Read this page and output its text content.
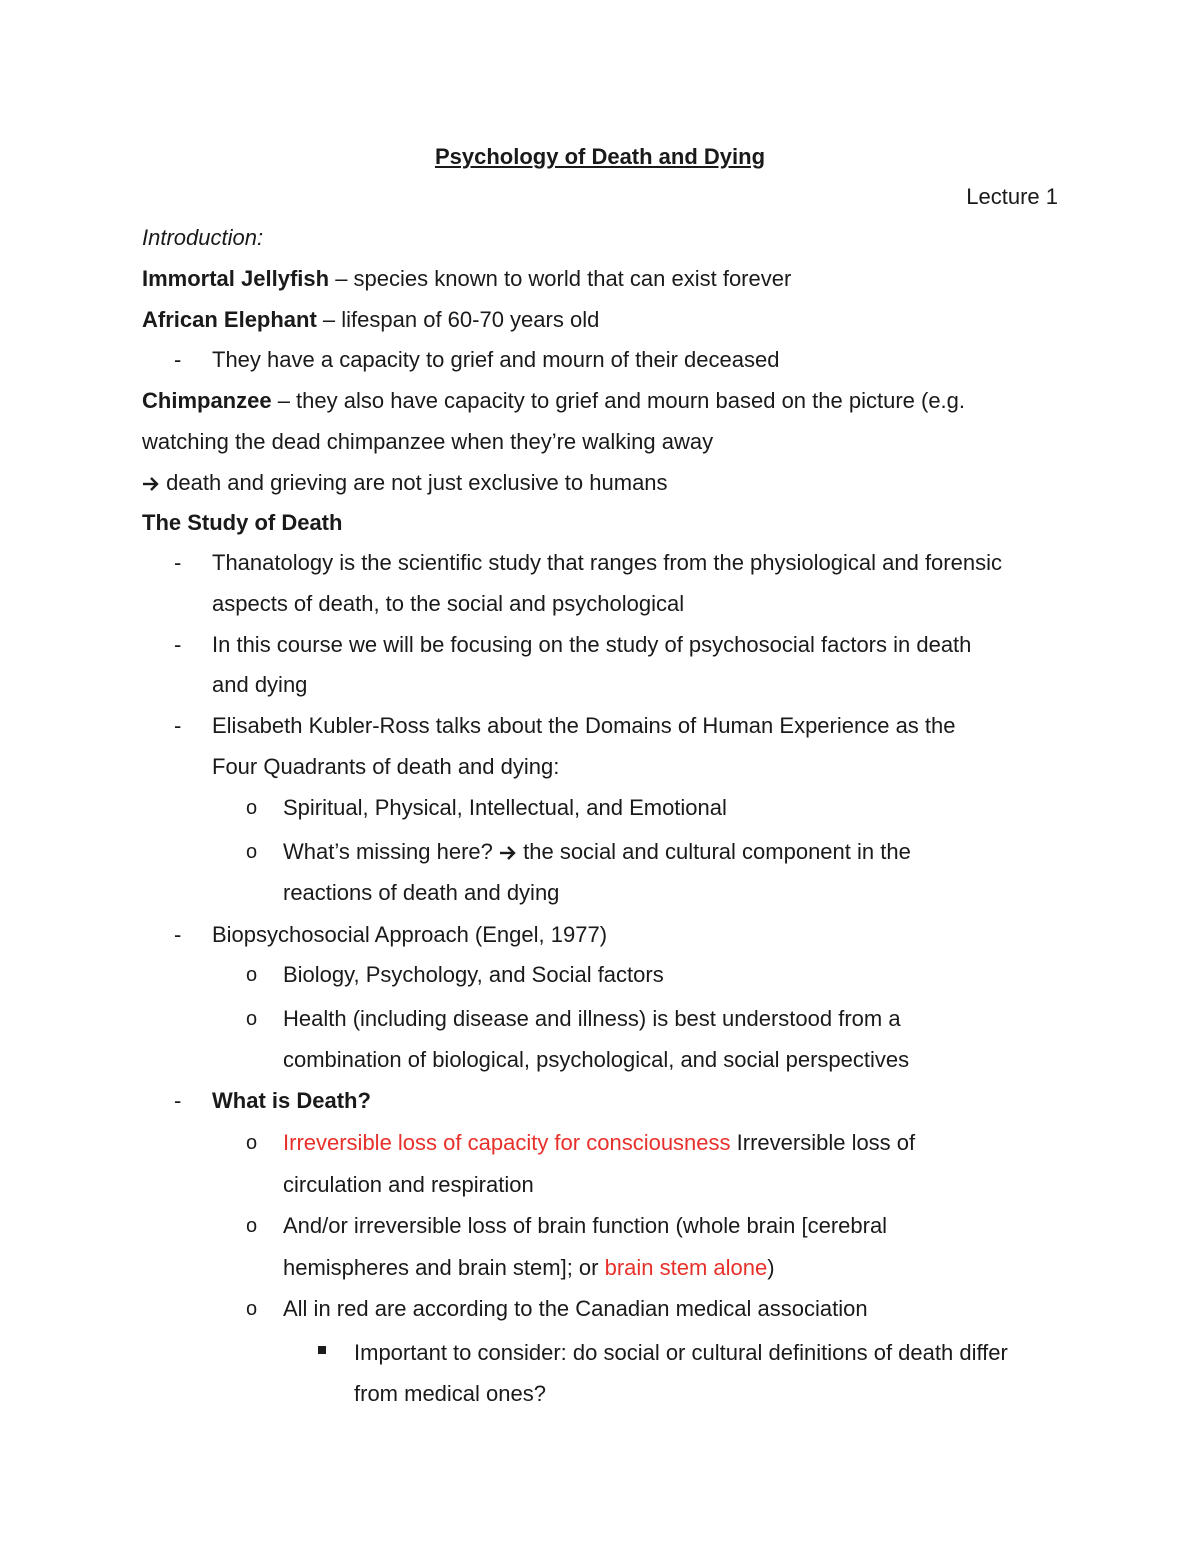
Psychology of Death and Dying
Lecture 1
Introduction:
Immortal Jellyfish – species known to world that can exist forever
African Elephant – lifespan of 60-70 years old
- They have a capacity to grief and mourn of their deceased
Chimpanzee – they also have capacity to grief and mourn based on the picture (e.g.
watching the dead chimpanzee when they’re walking away
death and grieving are not just exclusive to humans
The Study of Death
- Thanatology is the scientific study that ranges from the physiological and forensic
aspects of death, to the social and psychological
- In this course we will be focusing on the study of psychosocial factors in death
and dying
- Elisabeth Kubler-Ross talks about the Domains of Human Experience as the
Four Quadrants of death and dying:
o Spiritual, Physical, Intellectual, and Emotional
o What’s missing here?  the social and cultural component in the
reactions of death and dying
- Biopsychosocial Approach (Engel, 1977)
o Biology, Psychology, and Social factors
o Health (including disease and illness) is best understood from a
combination of biological, psychological, and social perspectives
- What is Death?
o Irreversible loss of capacity for consciousness Irreversible loss of
circulation and respiration
o And/or irreversible loss of brain function (whole brain [cerebral
hemispheres and brain stem]; or brain stem alone)
o All in red are according to the Canadian medical association
Important to consider: do social or cultural definitions of death differ
from medical ones?
